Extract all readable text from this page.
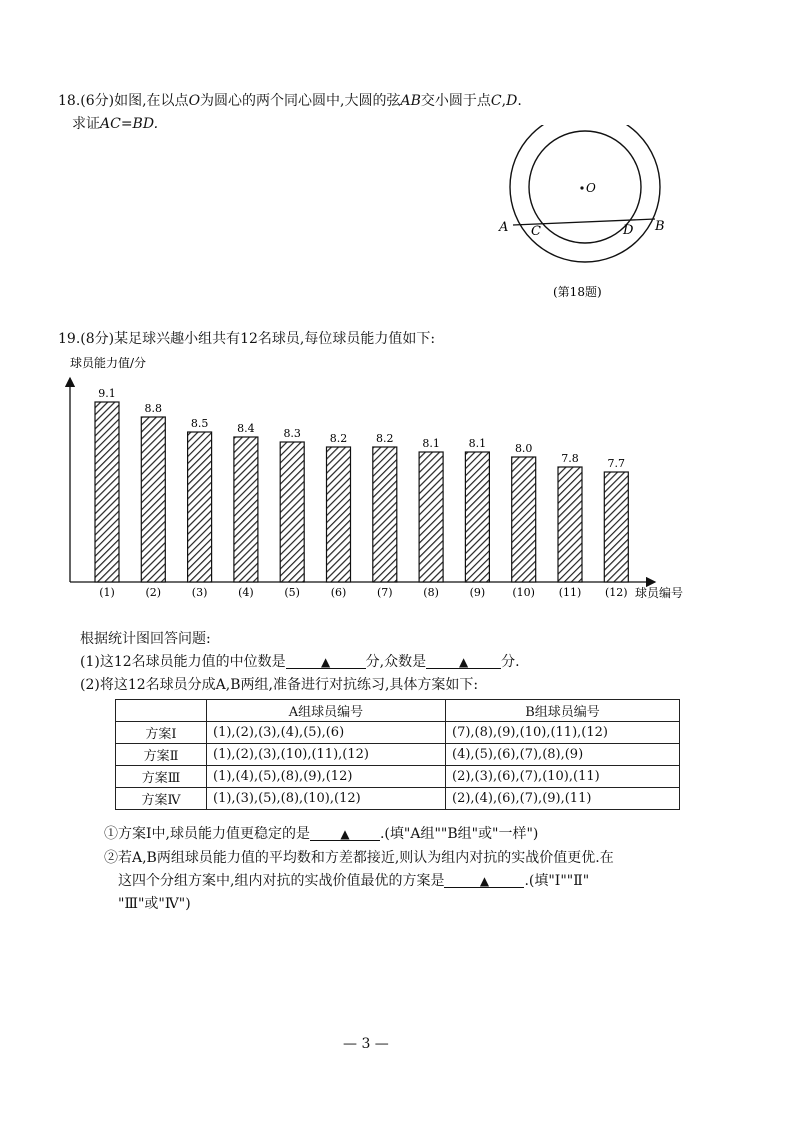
18.(6分)如图,在以点O为圆心的两个同心圆中,大圆的弦AB交小圆于点C,D.
求证AC=BD.
O
A C	D B
(第18题)
19.(8分)某足球兴趣小组共有12名球员,每位球员能力值如下:
球员能力值/分
球员编号
9.1
(1)
8.8
(2)
8.5
(3)
8.4
(4)
8.3
(5)
8.2
(6)
8.2
(7)
8.1
(8)
8.1
(9)
8.0
(10)
7.8
(11)
7.7
(12)
根据统计图回答问题:
(1)这12名球员能力值的中位数是	▲	分,众数是	▲ 分.
(2)将这12名球员分成A,B两组,准备进行对抗练习,具体方案如下:
	A组球员编号	B组球员编号
方案Ⅰ	(1),(2),(3),(4),(5),(6)	(7),(8),(9),(10),(11),(12)
方案Ⅱ	(1),(2),(3),(10),(11),(12)	(4),(5),(6),(7),(8),(9)
方案Ⅲ	(1),(4),(5),(8),(9),(12)	(2),(3),(6),(7),(10),(11)
方案Ⅳ	(1),(3),(5),(8),(10),(12)	(2),(4),(6),(7),(9),(11)
①方案Ⅰ中,球员能力值更稳定的是	▲ .(填"A组""B组"或"一样")
②若A,B两组球员能力值的平均数和方差都接近,则认为组内对抗的实战价值更优.在
这四个分组方案中,组内对抗的实战价值最优的方案是	▲	.(填"Ⅰ""Ⅱ"
"Ⅲ"或"Ⅳ")
— 3 —
